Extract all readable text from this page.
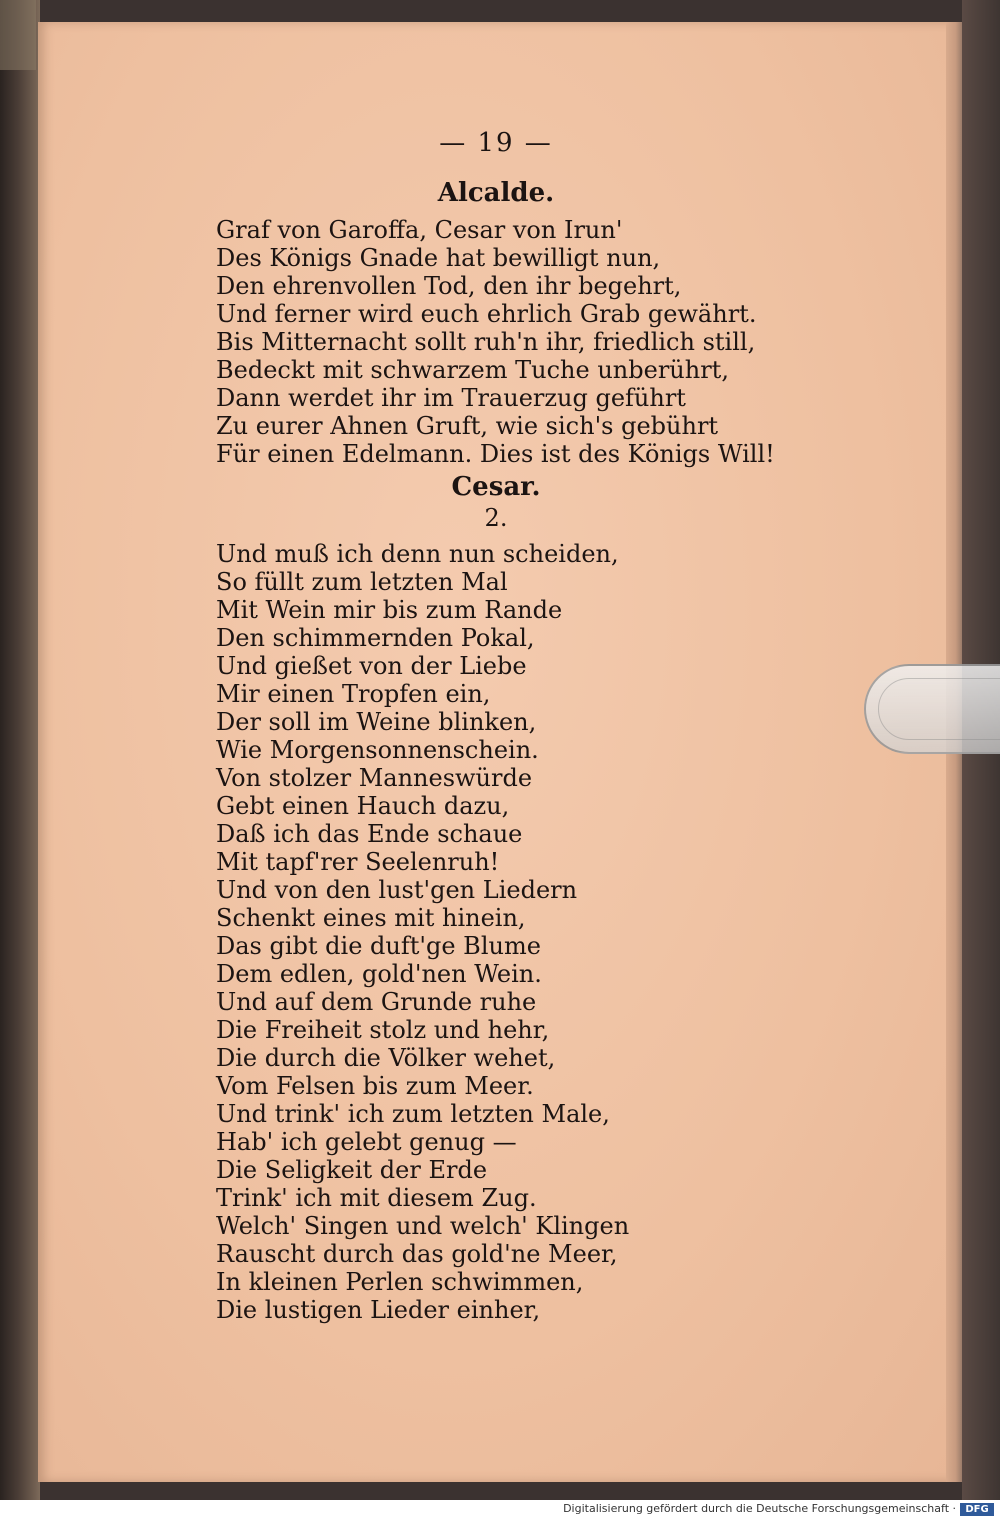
— 19 —
Alcalde.
Graf von Garoffa, Cesar von Irun'
Des Königs Gnade hat bewilligt nun,
Den ehrenvollen Tod, den ihr begehrt,
Und ferner wird euch ehrlich Grab gewährt.
Bis Mitternacht sollt ruh'n ihr, friedlich still,
Bedeckt mit schwarzem Tuche unberührt,
Dann werdet ihr im Trauerzug geführt
Zu eurer Ahnen Gruft, wie sich's gebührt
Für einen Edelmann. Dies ist des Königs Will!
Cesar.
2.
Und muß ich denn nun scheiden,
So füllt zum letzten Mal
Mit Wein mir bis zum Rande
Den schimmernden Pokal,
Und gießet von der Liebe
Mir einen Tropfen ein,
Der soll im Weine blinken,
Wie Morgensonnenschein.
Von stolzer Manneswürde
Gebt einen Hauch dazu,
Daß ich das Ende schaue
Mit tapf'rer Seelenruh!
Und von den lust'gen Liedern
Schenkt eines mit hinein,
Das gibt die duft'ge Blume
Dem edlen, gold'nen Wein.
Und auf dem Grunde ruhe
Die Freiheit stolz und hehr,
Die durch die Völker wehet,
Vom Felsen bis zum Meer.
Und trink' ich zum letzten Male,
Hab' ich gelebt genug —
Die Seligkeit der Erde
Trink' ich mit diesem Zug.
Welch' Singen und welch' Klingen
Rauscht durch das gold'ne Meer,
In kleinen Perlen schwimmen,
Die lustigen Lieder einher,
Digitalisierung gefördert durch die Deutsche Forschungsgemeinschaft · DFG
